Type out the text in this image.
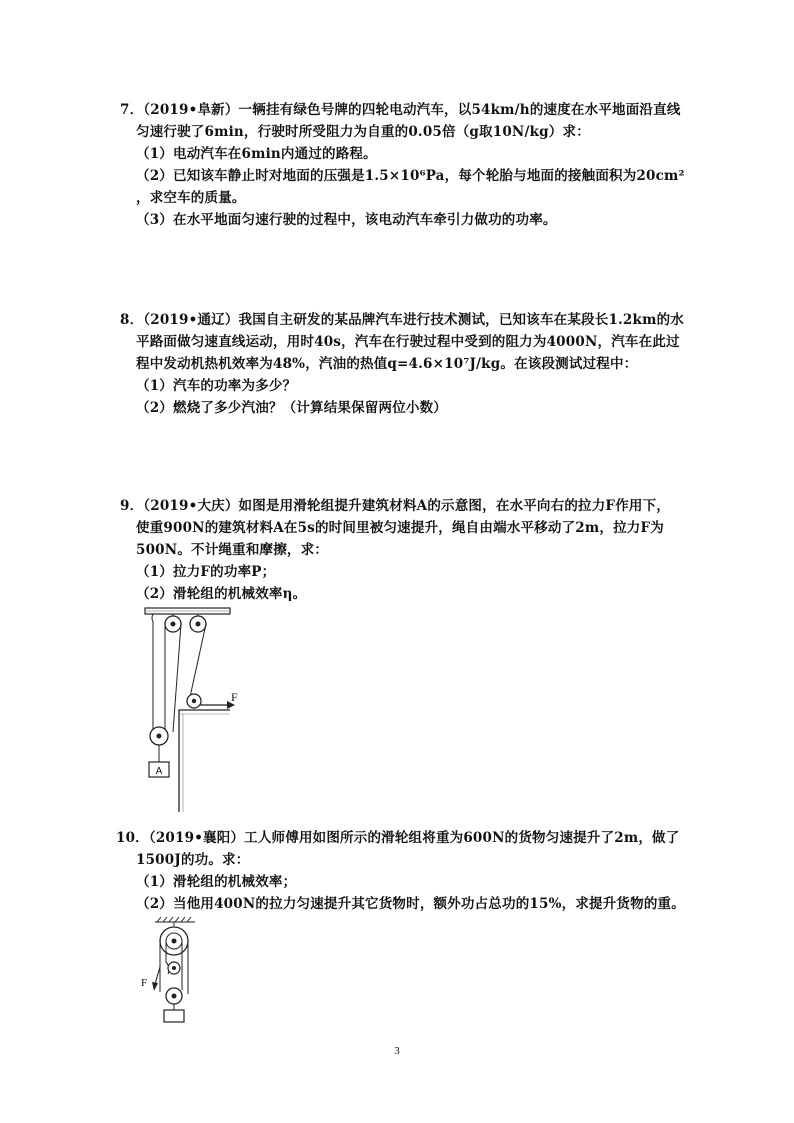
7．（2019•阜新）一辆挂有绿色号牌的四轮电动汽车，以54km/h的速度在水平地面沿直线
匀速行驶了6min，行驶时所受阻力为自重的0.05倍（g取10N/kg）求：
（1）电动汽车在6min内通过的路程。
（2）已知该车静止时对地面的压强是1.5×10⁶Pa，每个轮胎与地面的接触面积为20cm²
，求空车的质量。
（3）在水平地面匀速行驶的过程中，该电动汽车牵引力做功的功率。
8．（2019•通辽）我国自主研发的某品牌汽车进行技术测试，已知该车在某段长1.2km的水
平路面做匀速直线运动，用时40s，汽车在行驶过程中受到的阻力为4000N，汽车在此过
程中发动机热机效率为48%，汽油的热值q=4.6×10⁷J/kg。在该段测试过程中：
（1）汽车的功率为多少？
（2）燃烧了多少汽油？（计算结果保留两位小数）
9．（2019•大庆）如图是用滑轮组提升建筑材料A的示意图，在水平向右的拉力F作用下，
使重900N的建筑材料A在5s的时间里被匀速提升，绳自由端水平移动了2m，拉力F为
500N。不计绳重和摩擦，求：
（1）拉力F的功率P；
（2）滑轮组的机械效率η。
A
F
10．（2019•襄阳）工人师傅用如图所示的滑轮组将重为600N的货物匀速提升了2m，做了
1500J的功。求：
（1）滑轮组的机械效率；
（2）当他用400N的拉力匀速提升其它货物时，额外功占总功的15%，求提升货物的重。
F
3
